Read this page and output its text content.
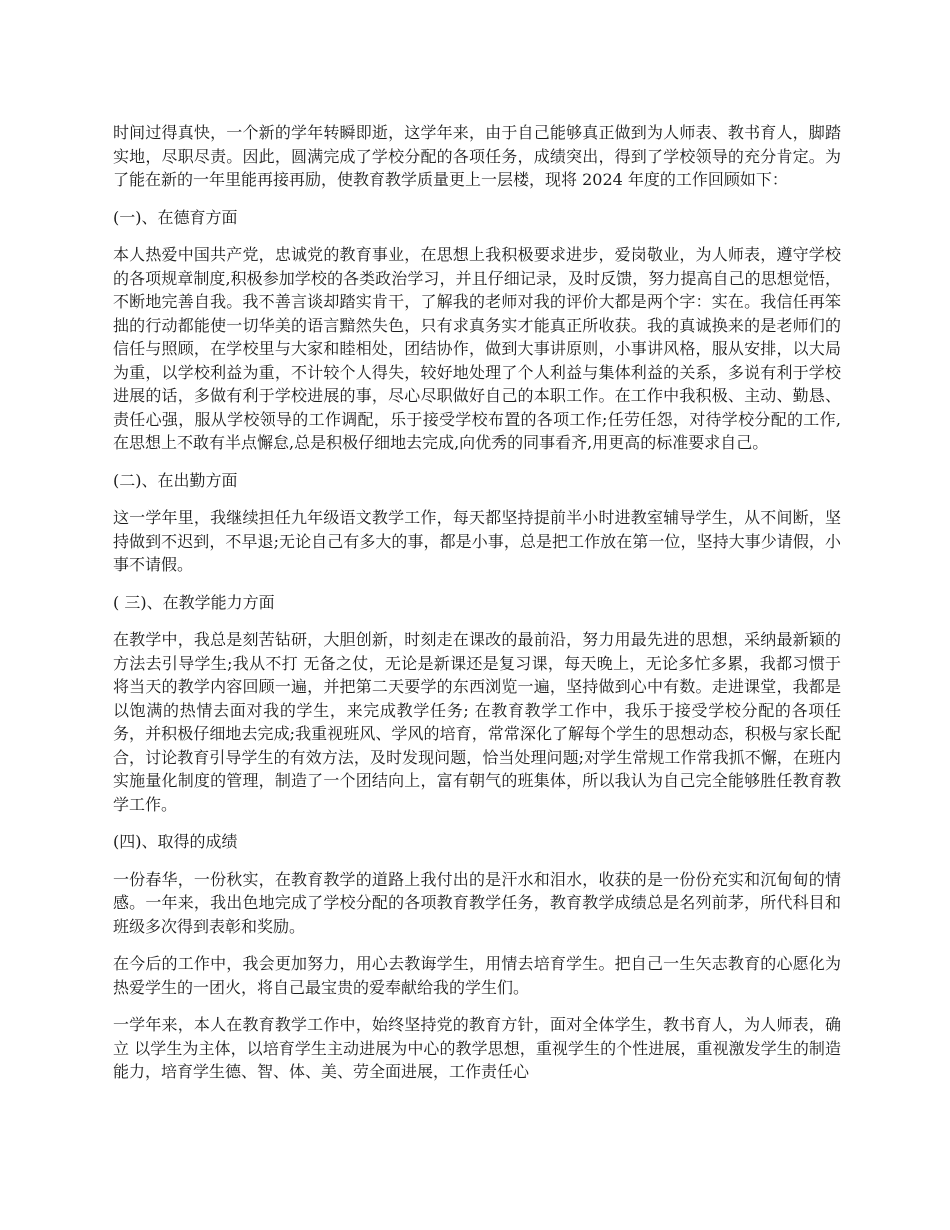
时间过得真快，一个新的学年转瞬即逝，这学年来，由于自己能够真正做到为人师表、教书育人，脚踏实地，尽职尽责。因此，圆满完成了学校分配的各项任务，成绩突出，得到了学校领导的充分肯定。为了能在新的一年里能再接再励，使教育教学质量更上一层楼，现将 2024 年度的工作回顾如下：

(一)、在德育方面

本人热爱中国共产党，忠诚党的教育事业，在思想上我积极要求进步，爱岗敬业，为人师表，遵守学校的各项规章制度,积极参加学校的各类政治学习，并且仔细记录，及时反馈，努力提高自己的思想觉悟，不断地完善自我。我不善言谈却踏实肯干，了解我的老师对我的评价大都是两个字：实在。我信任再笨拙的行动都能使一切华美的语言黯然失色，只有求真务实才能真正所收获。我的真诚换来的是老师们的信任与照顾，在学校里与大家和睦相处，团结协作，做到大事讲原则，小事讲风格，服从安排，以大局为重，以学校利益为重，不计较个人得失，较好地处理了个人利益与集体利益的关系，多说有利于学校进展的话，多做有利于学校进展的事，尽心尽职做好自己的本职工作。在工作中我积极、主动、勤恳、责任心强，服从学校领导的工作调配，乐于接受学校布置的各项工作;任劳任怨，对待学校分配的工作,在思想上不敢有半点懈怠,总是积极仔细地去完成,向优秀的同事看齐,用更高的标准要求自己。

(二)、在出勤方面

这一学年里，我继续担任九年级语文教学工作，每天都坚持提前半小时进教室辅导学生，从不间断，坚持做到不迟到，不早退;无论自己有多大的事，都是小事，总是把工作放在第一位，坚持大事少请假，小事不请假。

( 三)、在教学能力方面

在教学中，我总是刻苦钻研，大胆创新，时刻走在课改的最前沿，努力用最先进的思想，采纳最新颖的方法去引导学生;我从不打 无备之仗，无论是新课还是复习课，每天晚上，无论多忙多累，我都习惯于将当天的教学内容回顾一遍，并把第二天要学的东西浏览一遍，坚持做到心中有数。走进课堂，我都是以饱满的热情去面对我的学生，来完成教学任务; 在教育教学工作中，我乐于接受学校分配的各项任务，并积极仔细地去完成;我重视班风、学风的培育，常常深化了解每个学生的思想动态，积极与家长配合，讨论教育引导学生的有效方法，及时发现问题，恰当处理问题;对学生常规工作常我抓不懈，在班内实施量化制度的管理，制造了一个团结向上，富有朝气的班集体，所以我认为自己完全能够胜任教育教学工作。

(四)、取得的成绩

一份春华，一份秋实，在教育教学的道路上我付出的是汗水和泪水，收获的是一份份充实和沉甸甸的情感。一年来，我出色地完成了学校分配的各项教育教学任务，教育教学成绩总是名列前茅，所代科目和班级多次得到表彰和奖励。

在今后的工作中，我会更加努力，用心去教诲学生，用情去培育学生。把自己一生矢志教育的心愿化为热爱学生的一团火，将自己最宝贵的爱奉献给我的学生们。

一学年来，本人在教育教学工作中，始终坚持党的教育方针，面对全体学生，教书育人，为人师表，确立 以学生为主体，以培育学生主动进展为中心的教学思想，重视学生的个性进展，重视激发学生的制造能力，培育学生德、智、体、美、劳全面进展，工作责任心
